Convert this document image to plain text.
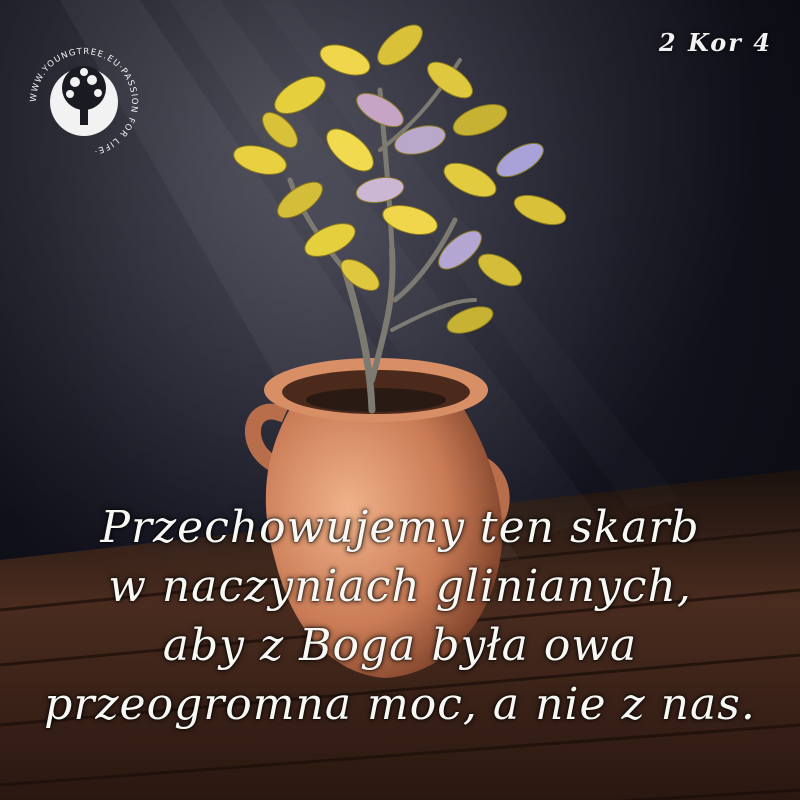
WWW.YOUNGTREE.EU·PASSION FOR LIFE·
2 Kor 4
Przechowujemy ten skarb
w naczyniach glinianych,
aby z Boga była owa
przeogromna moc, a nie z nas.
